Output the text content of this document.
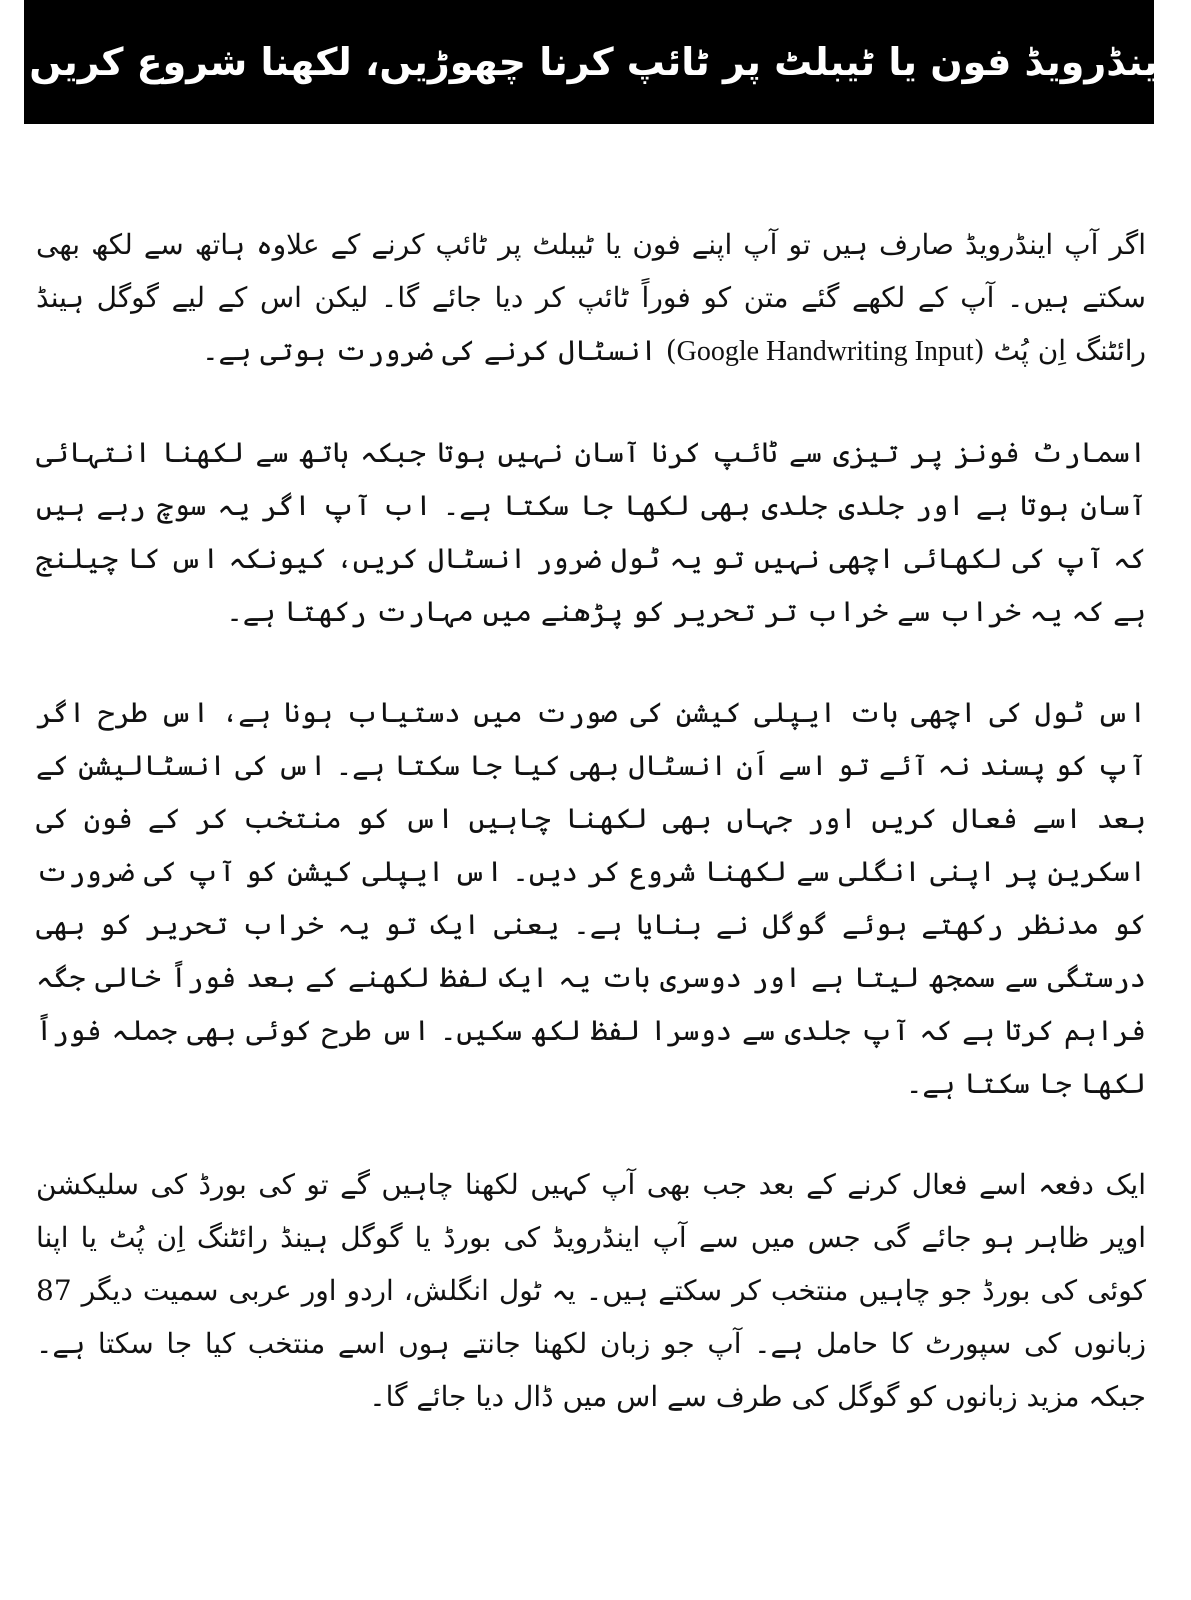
اینڈرویڈ فون یا ٹیبلٹ پر ٹائپ کرنا چھوڑیں، لکھنا شروع کریں۔

اگر آپ اینڈرویڈ صارف ہیں تو آپ اپنے فون یا ٹیبلٹ پر ٹائپ کرنے کے علاوہ ہاتھ سے لکھ بھی سکتے ہیں۔ آپ کے لکھے گئے متن کو فوراً ٹائپ کر دیا جائے گا۔ لیکن اس کے لیے گوگل ہینڈ رائٹنگ اِن پُٹ (Google Handwriting Input) انسٹال کرنے کی ضرورت ہوتی ہے۔

اسمارٹ فونز پر تیزی سے ٹائپ کرنا آسان نہیں ہوتا جبکہ ہاتھ سے لکھنا انتہائی آسان ہوتا ہے اور جلدی جلدی بھی لکھا جا سکتا ہے۔ اب آپ اگر یہ سوچ رہے ہیں کہ آپ کی لکھائی اچھی نہیں تو یہ ٹول ضرور انسٹال کریں، کیونکہ اس کا چیلنج ہے کہ یہ خراب سے خراب تر تحریر کو پڑھنے میں مہارت رکھتا ہے۔

اس ٹول کی اچھی بات ایپلی کیشن کی صورت میں دستیاب ہونا ہے، اس طرح اگر آپ کو پسند نہ آئے تو اسے اَن انسٹال بھی کیا جا سکتا ہے۔ اس کی انسٹالیشن کے بعد اسے فعال کریں اور جہاں بھی لکھنا چاہیں اس کو منتخب کر کے فون کی اسکرین پر اپنی انگلی سے لکھنا شروع کر دیں۔ اس ایپلی کیشن کو آپ کی ضرورت کو مدنظر رکھتے ہوئے گوگل نے بنایا ہے۔ یعنی ایک تو یہ خراب تحریر کو بھی درستگی سے سمجھ لیتا ہے اور دوسری بات یہ ایک لفظ لکھنے کے بعد فوراً خالی جگہ فراہم کرتا ہے کہ آپ جلدی سے دوسرا لفظ لکھ سکیں۔ اس طرح کوئی بھی جملہ فوراً لکھا جا سکتا ہے۔

ایک دفعہ اسے فعال کرنے کے بعد جب بھی آپ کہیں لکھنا چاہیں گے تو کی بورڈ کی سلیکشن اوپر ظاہر ہو جائے گی جس میں سے آپ اینڈرویڈ کی بورڈ یا گوگل ہینڈ رائٹنگ اِن پُٹ یا اپنا کوئی کی بورڈ جو چاہیں منتخب کر سکتے ہیں۔ یہ ٹول انگلش، اردو اور عربی سمیت دیگر 87 زبانوں کی سپورٹ کا حامل ہے۔ آپ جو زبان لکھنا جانتے ہوں اسے منتخب کیا جا سکتا ہے۔ جبکہ مزید زبانوں کو گوگل کی طرف سے اس میں ڈال دیا جائے گا۔
